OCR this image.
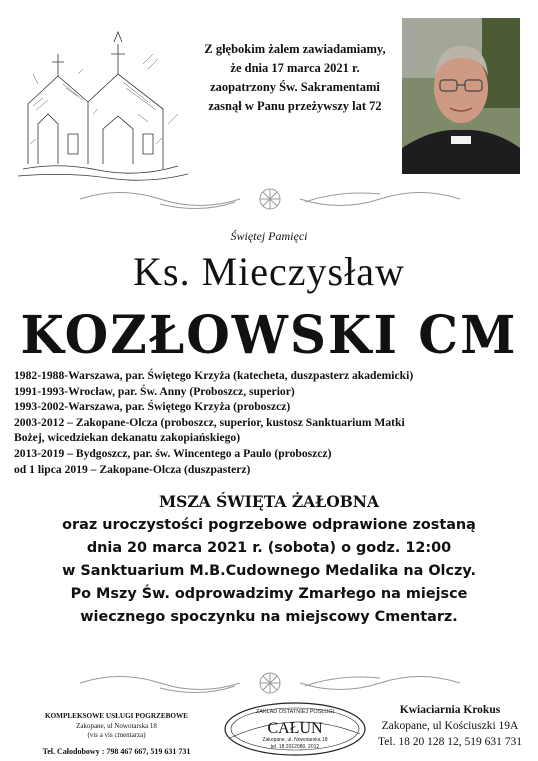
Z głębokim żalem zawiadamiamy,
że dnia 17 marca 2021 r.
zaopatrzony Św. Sakramentami
zasnął w Panu przeżywszy lat 72
Świętej Pamięci
Ks. Mieczysław
KOZŁOWSKI CM
1982-1988-Warszawa, par. Świętego Krzyża (katecheta, duszpasterz akademicki)
1991-1993-Wrocław, par. Św. Anny (Proboszcz, superior)
1993-2002-Warszawa, par. Świętego Krzyża (proboszcz)
2003-2012 – Zakopane-Olcza (proboszcz, superior, kustosz Sanktuarium Matki
Bożej, wicedziekan dekanatu zakopiańskiego)
2013-2019 – Bydgoszcz, par. św. Wincentego a Paulo (proboszcz)
od 1 lipca 2019 – Zakopane-Olcza (duszpasterz)
MSZA ŚWIĘTA ŻAŁOBNA
oraz uroczystości pogrzebowe odprawione zostaną
dnia 20 marca 2021 r. (sobota) o godz. 12:00
w Sanktuarium M.B.Cudownego Medalika na Olczy.
Po Mszy Św. odprowadzimy Zmarłego na miejsce
wiecznego spoczynku na miejscowy Cmentarz.
KOMPLEKSOWE USŁUGI POGRZEBOWE
Zakopane, ul Nowotarska 18
(vis a vis cmentarza)
Tel. Całodobowy : 798 467 667, 519 631 731
ZAKŁAD OSTATNIEJ POSŁUGI
CAŁUN
Zakopane, ul. Nowotarska 18
tel. 18 2012080, 2012
Kwiaciarnia Krokus
Zakopane, ul Kościuszki 19A
Tel. 18 20 128 12, 519 631 731
